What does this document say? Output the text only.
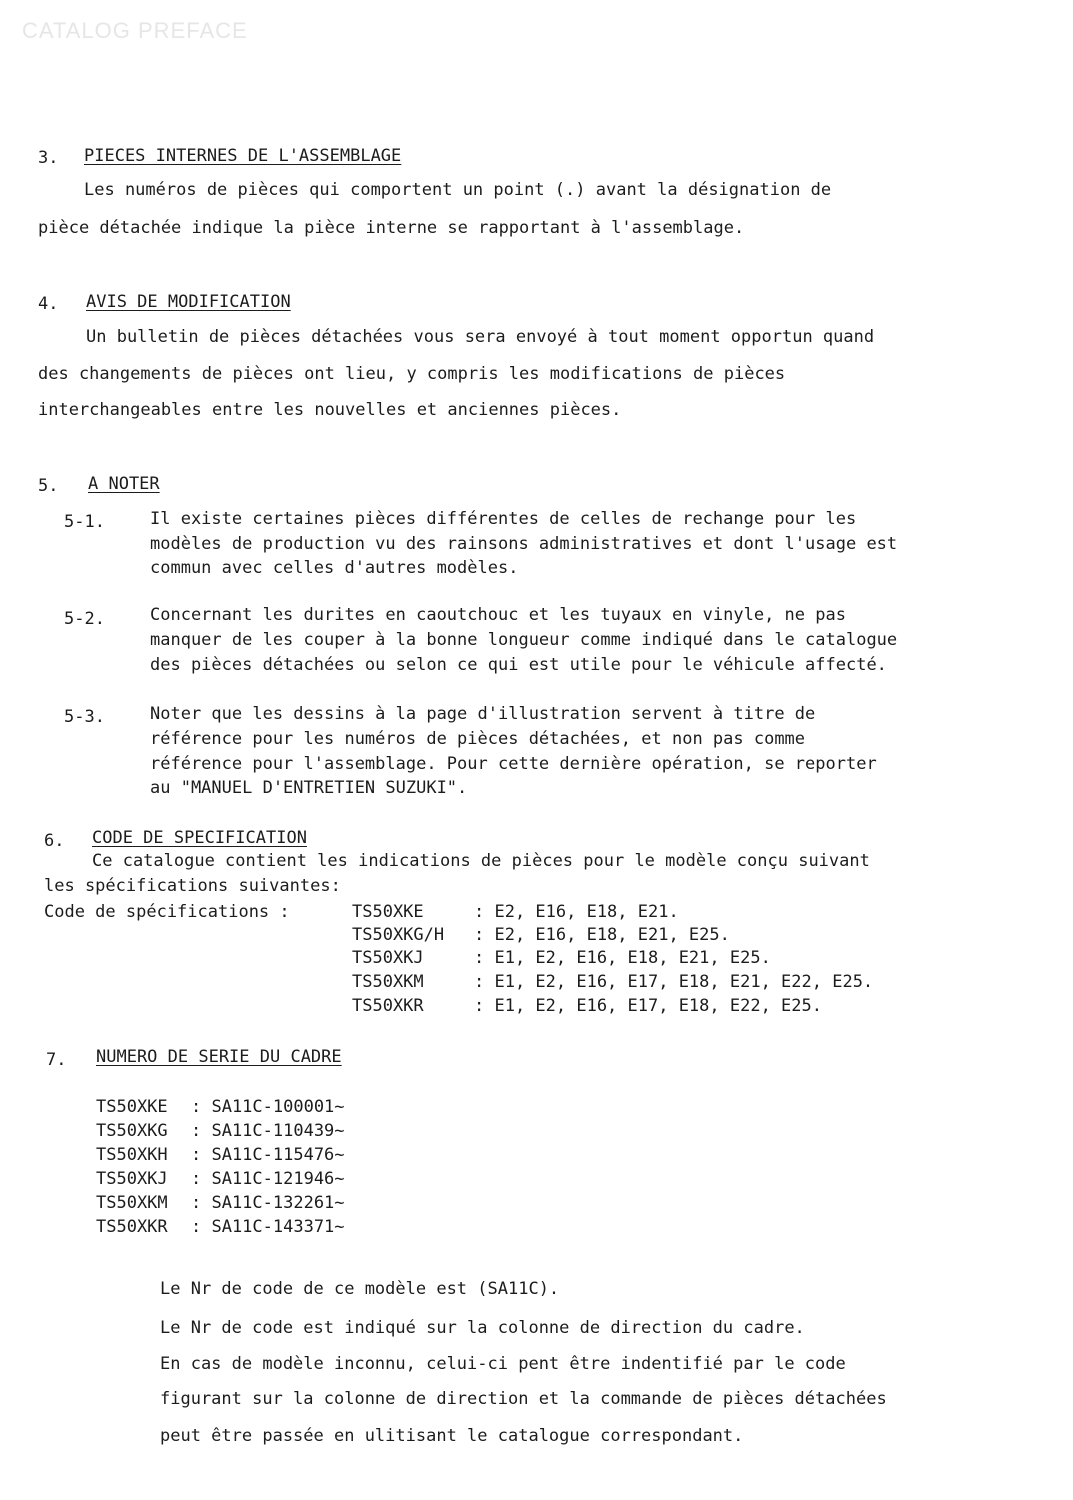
CATALOG PREFACE
3. PIECES INTERNES DE L'ASSEMBLAGE
Les numéros de pièces qui comportent un point (.) avant la désignation de
pièce détachée indique la pièce interne se rapportant à l'assemblage.
4. AVIS DE MODIFICATION
Un bulletin de pièces détachées vous sera envoyé à tout moment opportun quand
des changements de pièces ont lieu, y compris les modifications de pièces
interchangeables entre les nouvelles et anciennes pièces.
5. A NOTER
5-1.	Il existe certaines pièces différentes de celles de rechange pour les
modèles de production vu des rainsons administratives et dont l'usage est
commun avec celles d'autres modèles.
5-2.	Concernant les durites en caoutchouc et les tuyaux en vinyle, ne pas
manquer de les couper à la bonne longueur comme indiqué dans le catalogue
des pièces détachées ou selon ce qui est utile pour le véhicule affecté.
5-3.	Noter que les dessins à la page d'illustration servent à titre de
référence pour les numéros de pièces détachées, et non pas comme
référence pour l'assemblage. Pour cette dernière opération, se reporter
au "MANUEL D'ENTRETIEN SUZUKI".
6. CODE DE SPECIFICATION
Ce catalogue contient les indications de pièces pour le modèle conçu suivant
les spécifications suivantes:
Code de spécifications :	TS50XKE	: E2, E16, E18, E21.
TS50XKG/H : E2, E16, E18, E21, E25.
TS50XKJ	: E1, E2, E16, E18, E21, E25.
TS50XKM	: E1, E2, E16, E17, E18, E21, E22, E25.
TS50XKR	: E1, E2, E16, E17, E18, E22, E25.
7. NUMERO DE SERIE DU CADRE
TS50XKE : SA11C-100001~
TS50XKG : SA11C-110439~
TS50XKH : SA11C-115476~
TS50XKJ : SA11C-121946~
TS50XKM : SA11C-132261~
TS50XKR : SA11C-143371~
Le Nr de code de ce modèle est (SA11C).
Le Nr de code est indiqué sur la colonne de direction du cadre.
En cas de modèle inconnu, celui-ci pent être indentifié par le code
figurant sur la colonne de direction et la commande de pièces détachées
peut être passée en ulitisant le catalogue correspondant.
